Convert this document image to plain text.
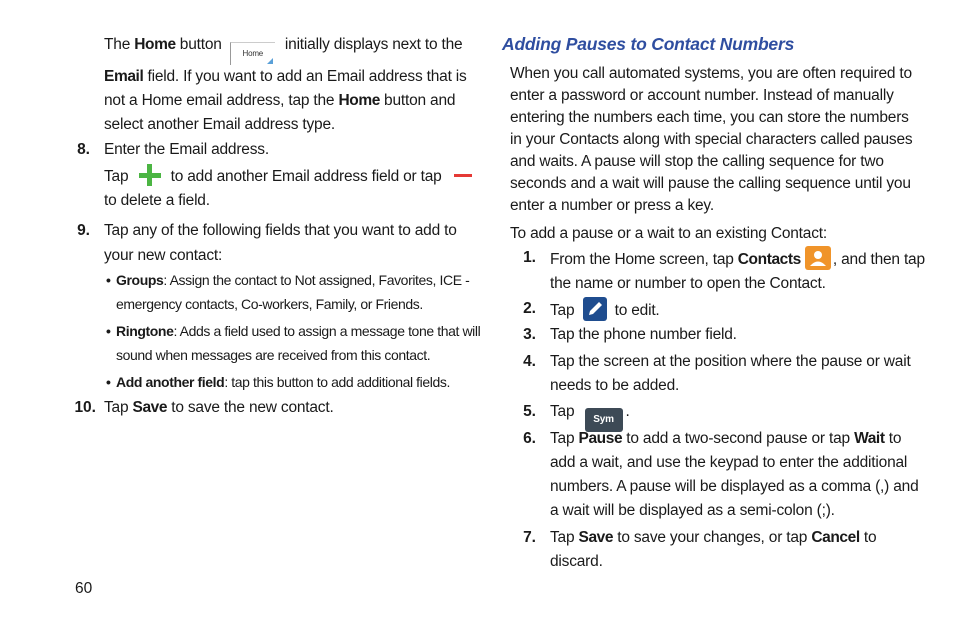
The Home button Home initially displays next to the
Email field. If you want to add an Email address that is
not a Home email address, tap the Home button and
select another Email address type.
8. Enter the Email address.
Tap  to add another Email address field or tap
to delete a field.
9. Tap any of the following fields that you want to add to
your new contact:
• Groups: Assign the contact to Not assigned, Favorites, ICE -
emergency contacts, Co-workers, Family, or Friends.
• Ringtone: Adds a field used to assign a message tone that will
sound when messages are received from this contact.
• Add another field: tap this button to add additional fields.
10. Tap Save to save the new contact.
Adding Pauses to Contact Numbers
When you call automated systems, you are often required to
enter a password or account number. Instead of manually
entering the numbers each time, you can store the numbers
in your Contacts along with special characters called pauses
and waits. A pause will stop the calling sequence for two
seconds and a wait will pause the calling sequence until you
enter a number or press a key.
To add a pause or a wait to an existing Contact:
1. From the Home screen, tap Contacts , and then tap
the name or number to open the Contact.
2. Tap  to edit.
3. Tap the phone number field.
4. Tap the screen at the position where the pause or wait
needs to be added.
5. Tap Sym .
6. Tap Pause to add a two-second pause or tap Wait to
add a wait, and use the keypad to enter the additional
numbers. A pause will be displayed as a comma (,) and
a wait will be displayed as a semi-colon (;).
7. Tap Save to save your changes, or tap Cancel to
discard.
60
